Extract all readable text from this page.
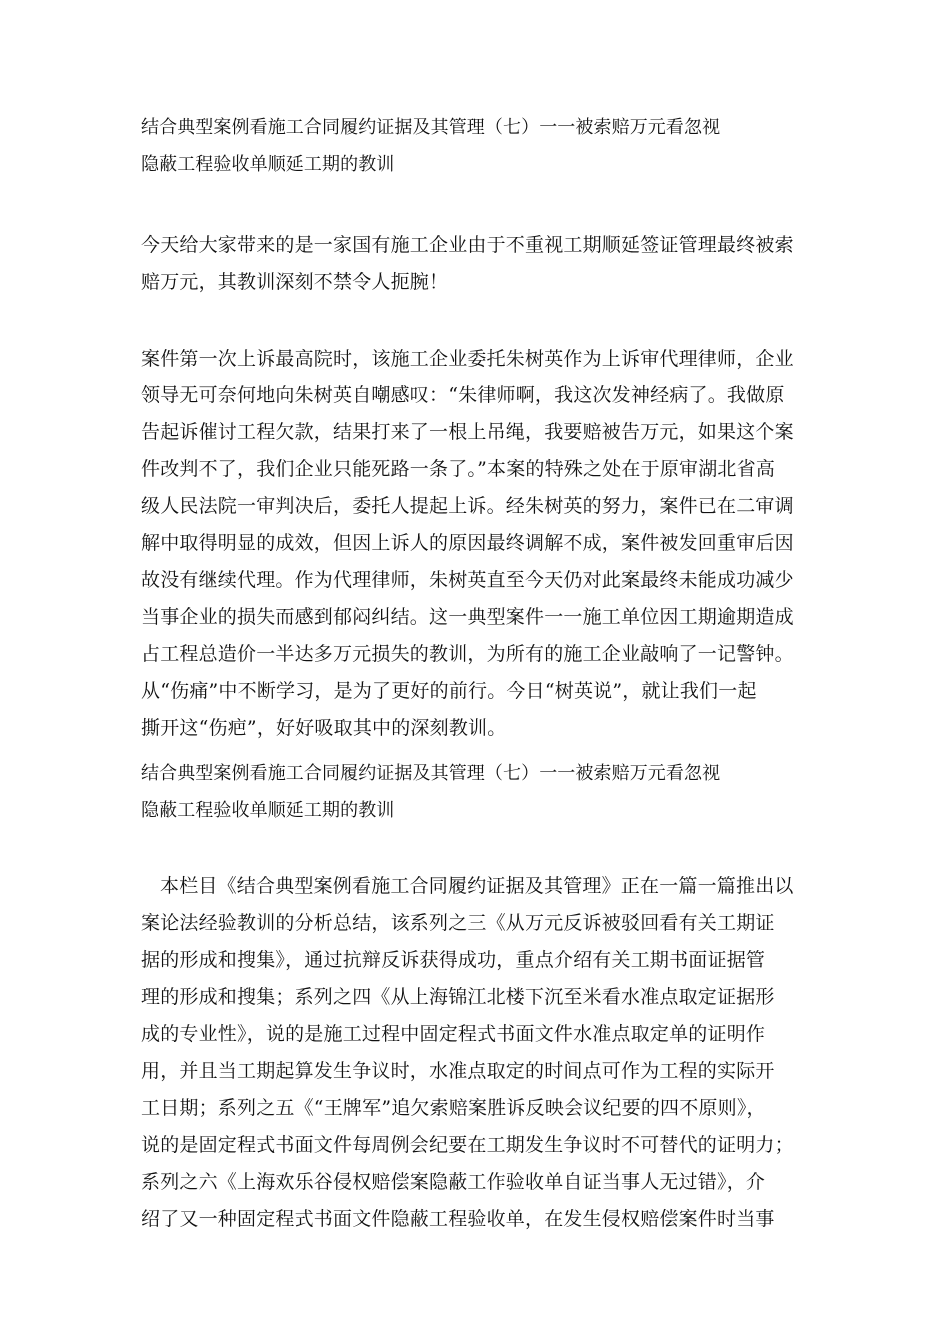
结合典型案例看施工合同履约证据及其管理（七）一一被索赔万元看忽视
隐蔽工程验收单顺延工期的教训
今天给大家带来的是一家国有施工企业由于不重视工期顺延签证管理最终被索
赔万元，其教训深刻不禁令人扼腕！
案件第一次上诉最高院时，该施工企业委托朱树英作为上诉审代理律师，企业
领导无可奈何地向朱树英自嘲感叹：“朱律师啊，我这次发神经病了。我做原
告起诉催讨工程欠款，结果打来了一根上吊绳，我要赔被告万元，如果这个案
件改判不了，我们企业只能死路一条了。”本案的特殊之处在于原审湖北省高
级人民法院一审判决后，委托人提起上诉。经朱树英的努力，案件已在二审调
解中取得明显的成效，但因上诉人的原因最终调解不成，案件被发回重审后因
故没有继续代理。作为代理律师，朱树英直至今天仍对此案最终未能成功减少
当事企业的损失而感到郁闷纠结。这一典型案件一一施工单位因工期逾期造成
占工程总造价一半达多万元损失的教训，为所有的施工企业敲响了一记警钟。
从“伤痛”中不断学习，是为了更好的前行。今日“树英说”，就让我们一起
撕开这“伤疤”，好好吸取其中的深刻教训。
结合典型案例看施工合同履约证据及其管理（七）一一被索赔万元看忽视
隐蔽工程验收单顺延工期的教训
本栏目《结合典型案例看施工合同履约证据及其管理》正在一篇一篇推出以
案论法经验教训的分析总结，该系列之三《从万元反诉被驳回看有关工期证
据的形成和搜集》，通过抗辩反诉获得成功，重点介绍有关工期书面证据管
理的形成和搜集；系列之四《从上海锦江北楼下沉至米看水准点取定证据形
成的专业性》，说的是施工过程中固定程式书面文件水准点取定单的证明作
用，并且当工期起算发生争议时，水准点取定的时间点可作为工程的实际开
工日期；系列之五《“王牌军”追欠索赔案胜诉反映会议纪要的四不原则》，
说的是固定程式书面文件每周例会纪要在工期发生争议时不可替代的证明力；
系列之六《上海欢乐谷侵权赔偿案隐蔽工作验收单自证当事人无过错》，介
绍了又一种固定程式书面文件隐蔽工程验收单，在发生侵权赔偿案件时当事
